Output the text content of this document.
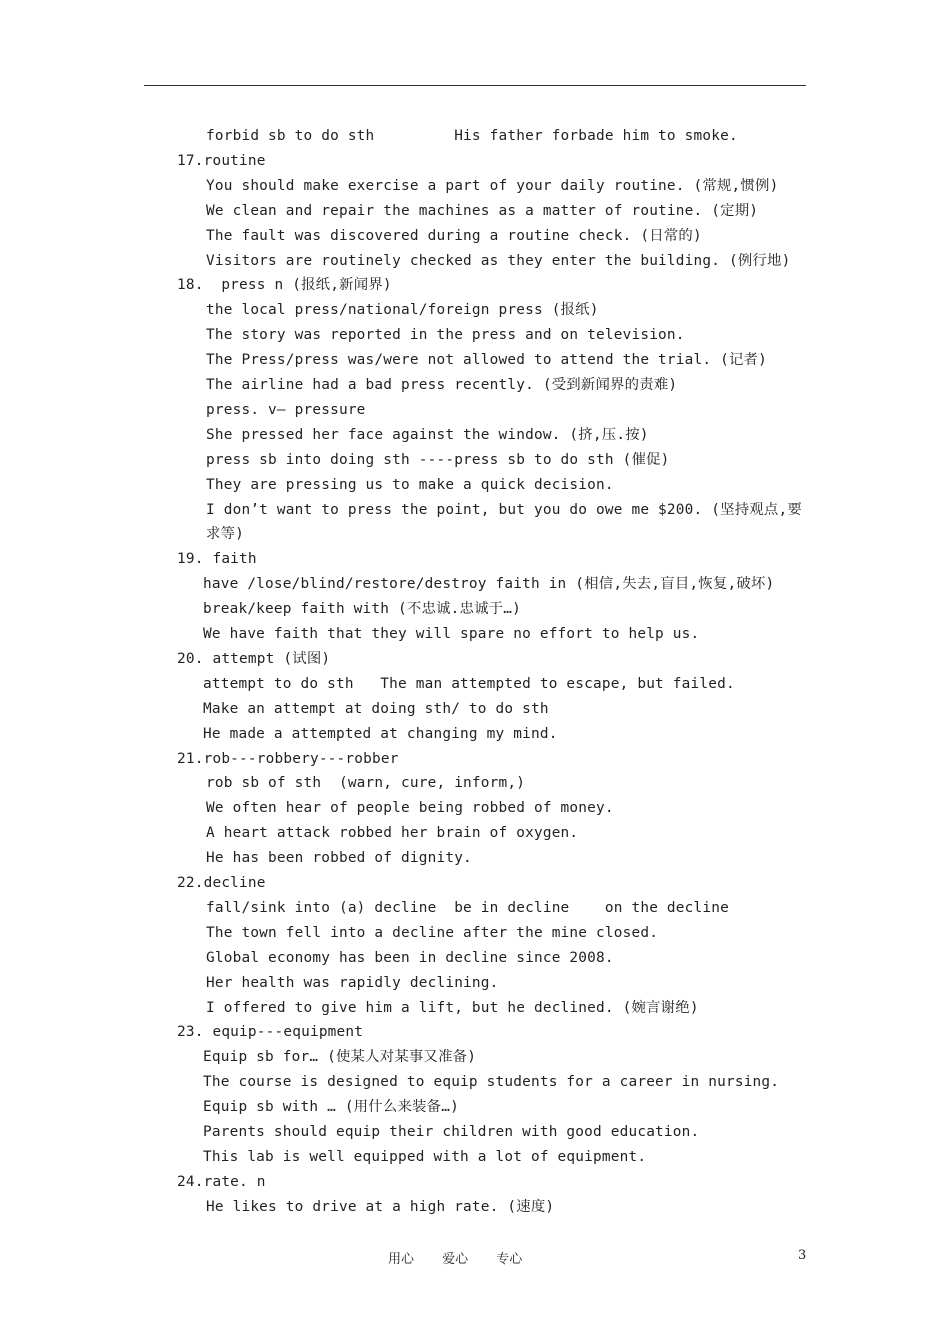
forbid sb to do sth         His father forbade him to smoke.
17.routine
You should make exercise a part of your daily routine. (常规,惯例)
We clean and repair the machines as a matter of routine. (定期)
The fault was discovered during a routine check. (日常的)
Visitors are routinely checked as they enter the building. (例行地)
18.  press n (报纸,新闻界)
the local press/national/foreign press (报纸)
The story was reported in the press and on television.
The Press/press was/were not allowed to attend the trial. (记者)
The airline had a bad press recently. (受到新闻界的责难)
press. v— pressure
She pressed her face against the window. (挤,压.按)
press sb into doing sth ----press sb to do sth (催促)
They are pressing us to make a quick decision.
I don’t want to press the point, but you do owe me $200. (坚持观点,要
求等)
19. faith
have /lose/blind/restore/destroy faith in (相信,失去,盲目,恢复,破坏)
break/keep faith with (不忠诚.忠诚于…)
We have faith that they will spare no effort to help us.
20. attempt (试图)
attempt to do sth   The man attempted to escape, but failed.
Make an attempt at doing sth/ to do sth
He made a attempted at changing my mind.
21.rob---robbery---robber
rob sb of sth  (warn, cure, inform,)
We often hear of people being robbed of money.
A heart attack robbed her brain of oxygen.
He has been robbed of dignity.
22.decline
fall/sink into (a) decline  be in decline    on the decline
The town fell into a decline after the mine closed.
Global economy has been in decline since 2008.
Her health was rapidly declining.
I offered to give him a lift, but he declined. (婉言谢绝)
23. equip---equipment
Equip sb for… (使某人对某事又准备)
The course is designed to equip students for a career in nursing.
Equip sb with … (用什么来装备…)
Parents should equip their children with good education.
This lab is well equipped with a lot of equipment.
24.rate. n
He likes to drive at a high rate. (速度)
用心 爱心 专心	3
